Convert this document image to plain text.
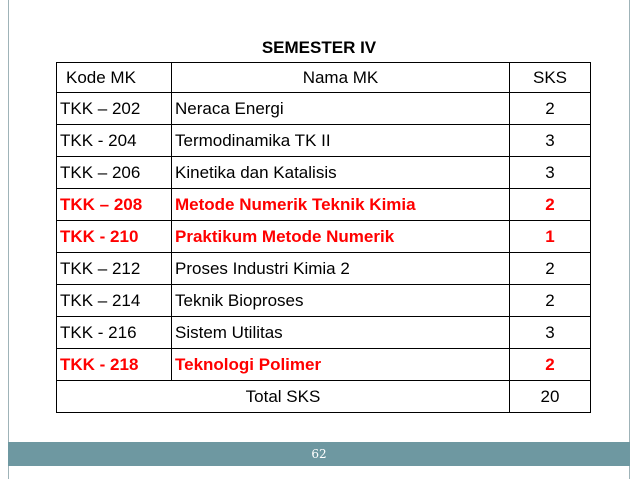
SEMESTER IV
Kode MK	Nama MK	SKS
TKK – 202	Neraca Energi	2
TKK - 204	Termodinamika TK II	3
TKK – 206	Kinetika dan Katalisis	3
TKK – 208	Metode Numerik Teknik Kimia	2
TKK - 210	Praktikum Metode Numerik	1
TKK – 212	Proses Industri Kimia 2	2
TKK – 214	Teknik Bioproses	2
TKK - 216	Sistem Utilitas	3
TKK - 218	Teknologi Polimer	2
Total SKS		20
62
